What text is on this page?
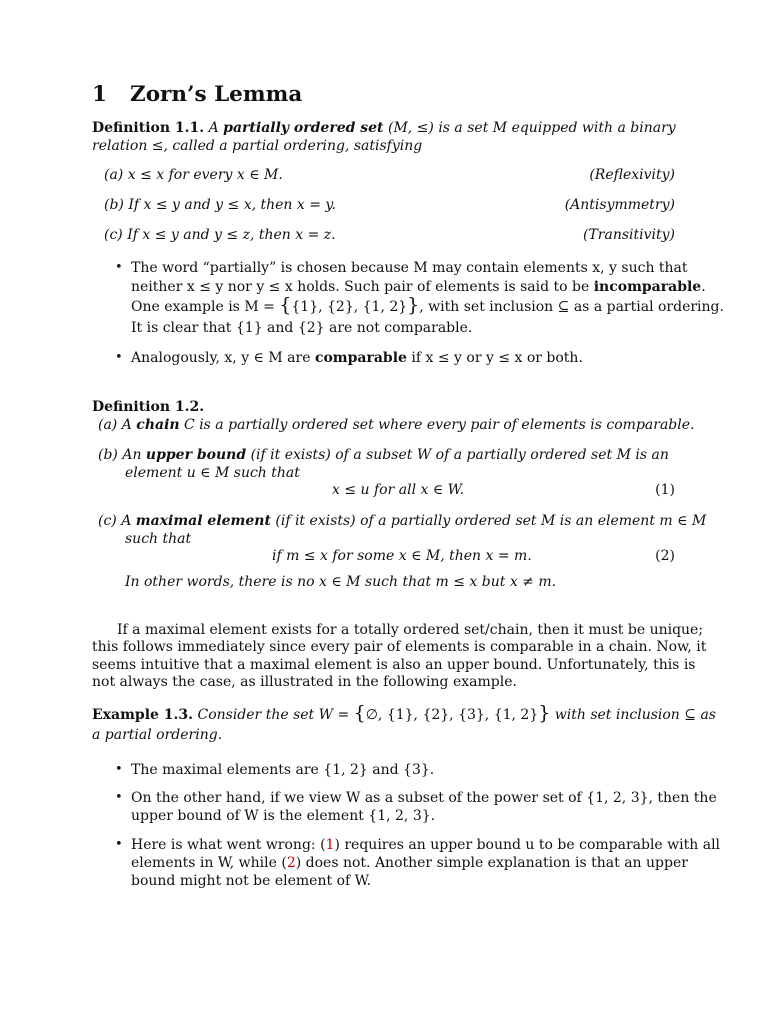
1 Zorn’s Lemma
Definition 1.1. A partially ordered set (M, ≤) is a set M equipped with a binary
relation ≤, called a partial ordering, satisfying
(a) x ≤ x for every x ∈ M.	(Reflexivity)
(b) If x ≤ y and y ≤ x, then x = y.	(Antisymmetry)
(c) If x ≤ y and y ≤ z, then x = z.	(Transitivity)
• The word “partially” is chosen because M may contain elements x, y such that
neither x ≤ y nor y ≤ x holds. Such pair of elements is said to be incomparable.
One example is M = {{1}, {2}, {1, 2}}, with set inclusion ⊆ as a partial ordering.
It is clear that {1} and {2} are not comparable.
• Analogously, x, y ∈ M are comparable if x ≤ y or y ≤ x or both.
Definition 1.2.
(a) A chain C is a partially ordered set where every pair of elements is comparable.
(b) An upper bound (if it exists) of a subset W of a partially ordered set M is an
element u ∈ M such that
x ≤ u for all x ∈ W.	(1)
(c) A maximal element (if it exists) of a partially ordered set M is an element m ∈ M
such that
if m ≤ x for some x ∈ M, then x = m.	(2)
In other words, there is no x ∈ M such that m ≤ x but x ≠ m.
If a maximal element exists for a totally ordered set/chain, then it must be unique;
this follows immediately since every pair of elements is comparable in a chain. Now, it
seems intuitive that a maximal element is also an upper bound. Unfortunately, this is
not always the case, as illustrated in the following example.
Example 1.3. Consider the set W = {∅, {1}, {2}, {3}, {1, 2}} with set inclusion ⊆ as
a partial ordering.
• The maximal elements are {1, 2} and {3}.
• On the other hand, if we view W as a subset of the power set of {1, 2, 3}, then the
upper bound of W is the element {1, 2, 3}.
• Here is what went wrong: (1) requires an upper bound u to be comparable with all
elements in W, while (2) does not. Another simple explanation is that an upper
bound might not be element of W.
